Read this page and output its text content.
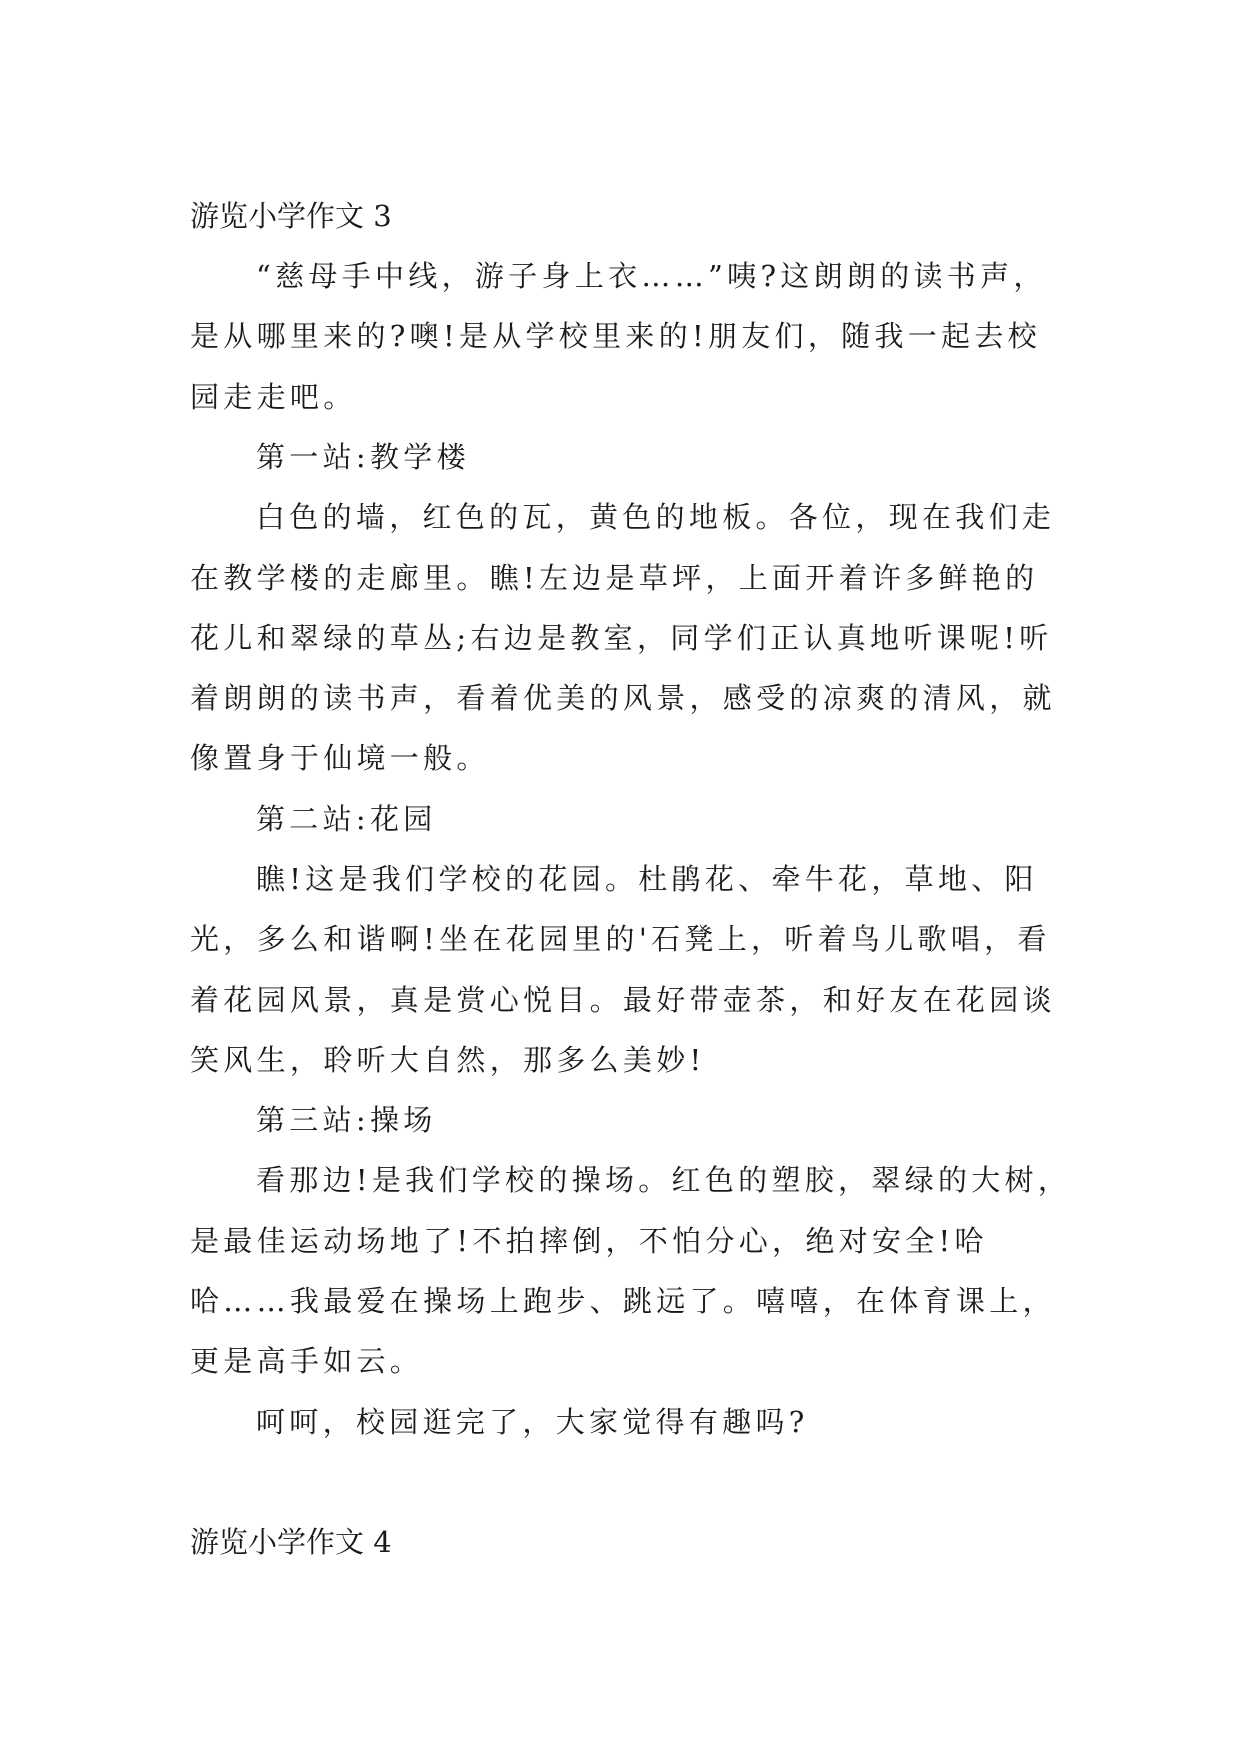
游览小学作文 3
“慈母手中线，游子身上衣……”咦?这朗朗的读书声，
是从哪里来的?噢!是从学校里来的!朋友们，随我一起去校
园走走吧。
第一站:教学楼
白色的墙，红色的瓦，黄色的地板。各位，现在我们走
在教学楼的走廊里。瞧!左边是草坪，上面开着许多鲜艳的
花儿和翠绿的草丛;右边是教室，同学们正认真地听课呢!听
着朗朗的读书声，看着优美的风景，感受的凉爽的清风，就
像置身于仙境一般。
第二站:花园
瞧!这是我们学校的花园。杜鹃花、牵牛花，草地、阳
光，多么和谐啊!坐在花园里的'石凳上，听着鸟儿歌唱，看
着花园风景，真是赏心悦目。最好带壶茶，和好友在花园谈
笑风生，聆听大自然，那多么美妙!
第三站:操场
看那边!是我们学校的操场。红色的塑胶，翠绿的大树，
是最佳运动场地了!不拍摔倒，不怕分心，绝对安全!哈
哈……我最爱在操场上跑步、跳远了。嘻嘻，在体育课上，
更是高手如云。
呵呵，校园逛完了，大家觉得有趣吗?
游览小学作文 4
